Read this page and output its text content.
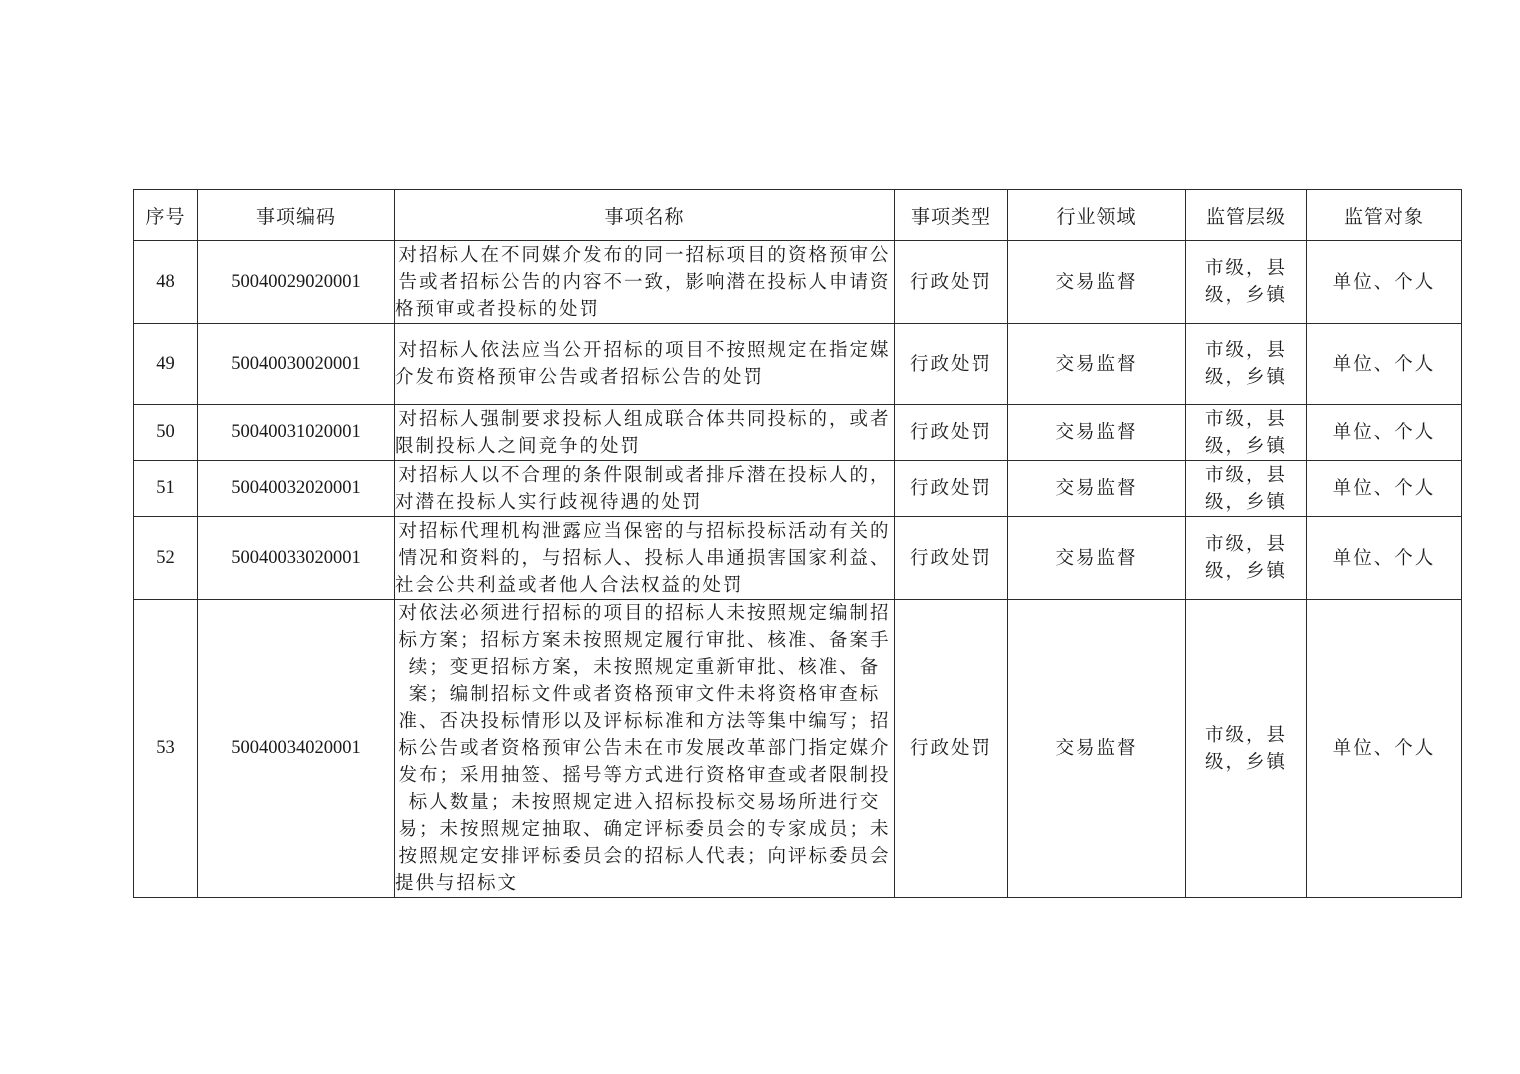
序号	事项编码	事项名称	事项类型	行业领域	监管层级	监管对象
48	50040029020001	对招标人在不同媒介发布的同一招标项目的资格预审公告或者招标公告的内容不一致，影响潜在投标人申请资格预审或者投标的处罚	行政处罚	交易监督	市级，县级，乡镇	单位、个人
49	50040030020001	对招标人依法应当公开招标的项目不按照规定在指定媒介发布资格预审公告或者招标公告的处罚	行政处罚	交易监督	市级，县级，乡镇	单位、个人
50	50040031020001	对招标人强制要求投标人组成联合体共同投标的，或者限制投标人之间竞争的处罚	行政处罚	交易监督	市级，县级，乡镇	单位、个人
51	50040032020001	对招标人以不合理的条件限制或者排斥潜在投标人的，对潜在投标人实行歧视待遇的处罚	行政处罚	交易监督	市级，县级，乡镇	单位、个人
52	50040033020001	对招标代理机构泄露应当保密的与招标投标活动有关的情况和资料的，与招标人、投标人串通损害国家利益、社会公共利益或者他人合法权益的处罚	行政处罚	交易监督	市级，县级，乡镇	单位、个人
53	50040034020001	对依法必须进行招标的项目的招标人未按照规定编制招标方案；招标方案未按照规定履行审批、核准、备案手续；变更招标方案，未按照规定重新审批、核准、备案；编制招标文件或者资格预审文件未将资格审查标准、否决投标情形以及评标标准和方法等集中编写；招标公告或者资格预审公告未在市发展改革部门指定媒介发布；采用抽签、摇号等方式进行资格审查或者限制投标人数量；未按照规定进入招标投标交易场所进行交易；未按照规定抽取、确定评标委员会的专家成员；未按照规定安排评标委员会的招标人代表；向评标委员会提供与招标文	行政处罚	交易监督	市级，县级，乡镇	单位、个人
